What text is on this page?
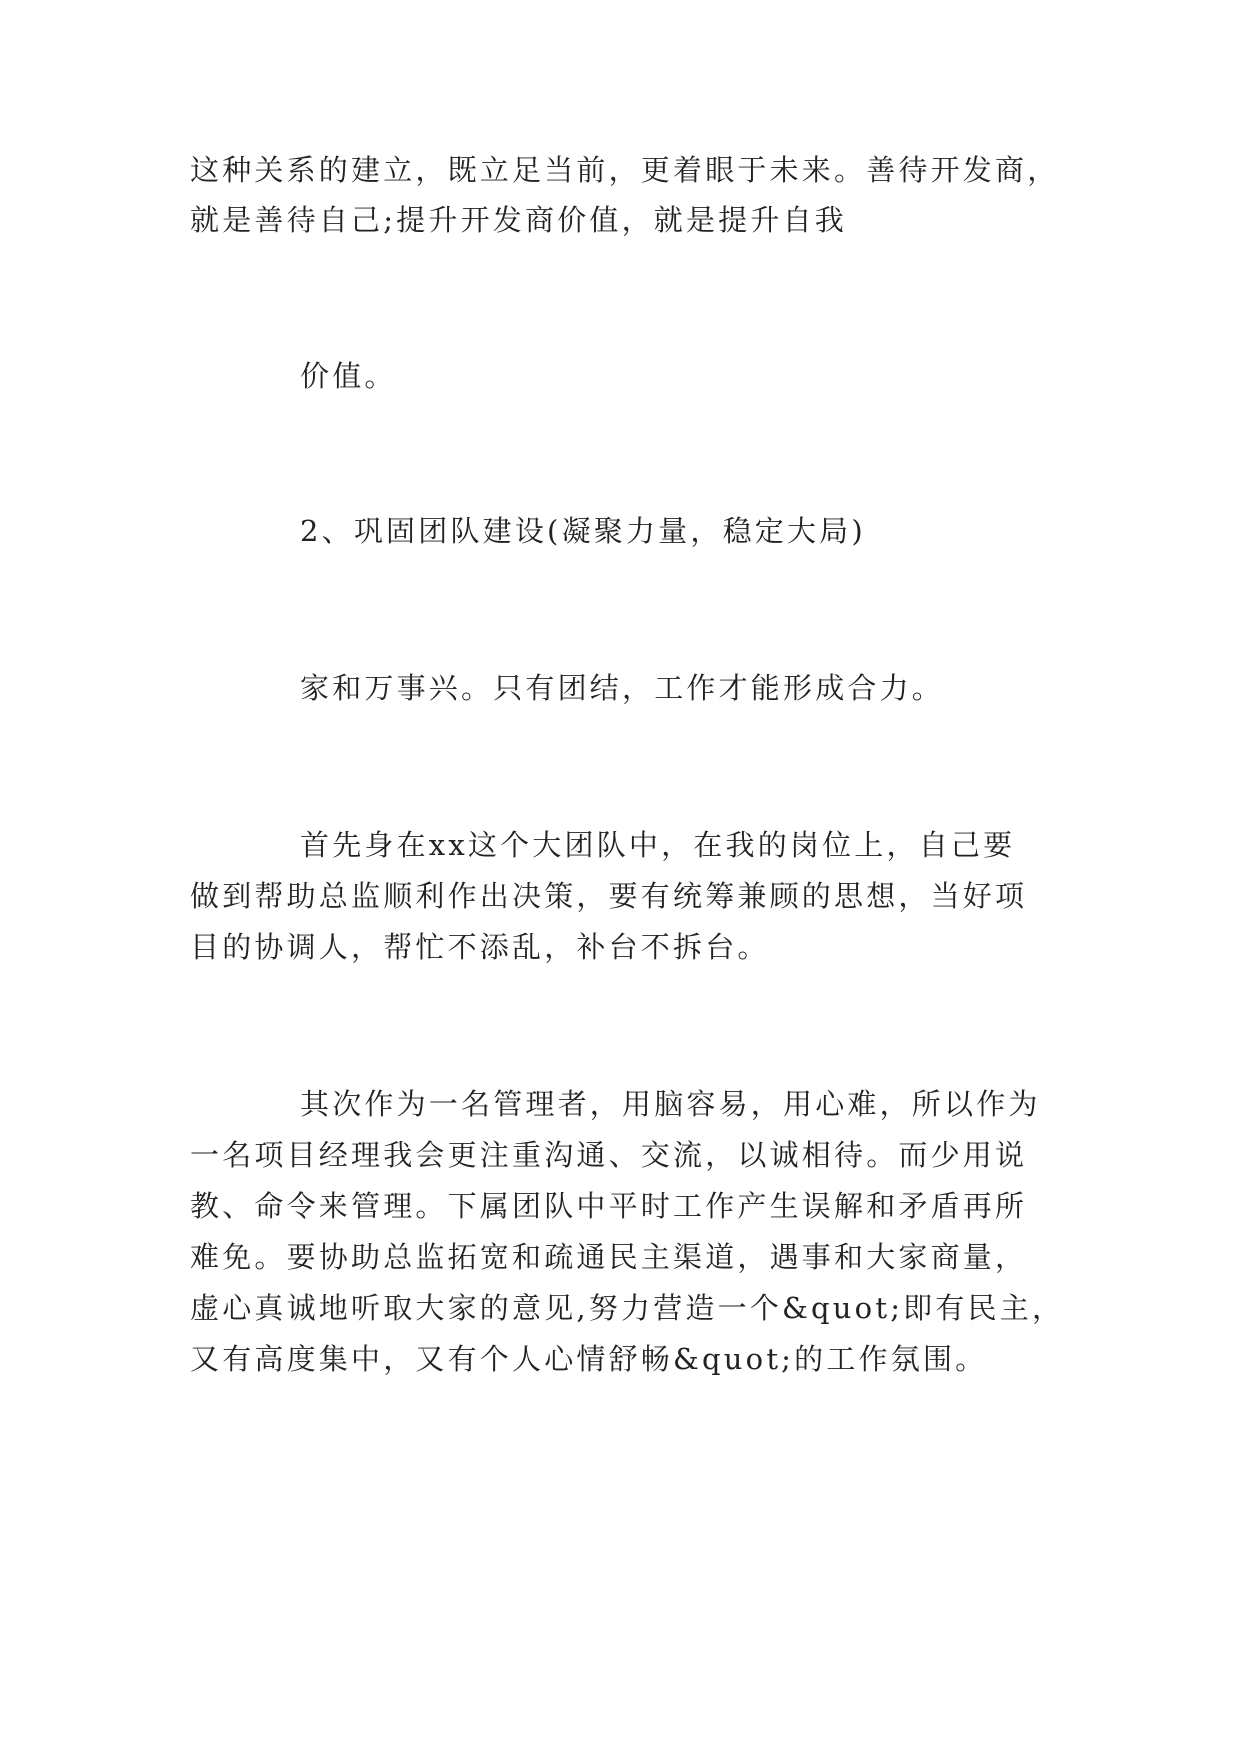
这种关系的建立，既立足当前，更着眼于未来。善待开发商，
就是善待自己;提升开发商价值，就是提升自我
价值。
2、巩固团队建设(凝聚力量，稳定大局)
家和万事兴。只有团结，工作才能形成合力。
首先身在xx这个大团队中，在我的岗位上，自己要
做到帮助总监顺利作出决策，要有统筹兼顾的思想，当好项
目的协调人，帮忙不添乱，补台不拆台。
其次作为一名管理者，用脑容易，用心难，所以作为
一名项目经理我会更注重沟通、交流，以诚相待。而少用说
教、命令来管理。下属团队中平时工作产生误解和矛盾再所
难免。要协助总监拓宽和疏通民主渠道，遇事和大家商量，
虚心真诚地听取大家的意见,努力营造一个&quot;即有民主，
又有高度集中，又有个人心情舒畅&quot;的工作氛围。
